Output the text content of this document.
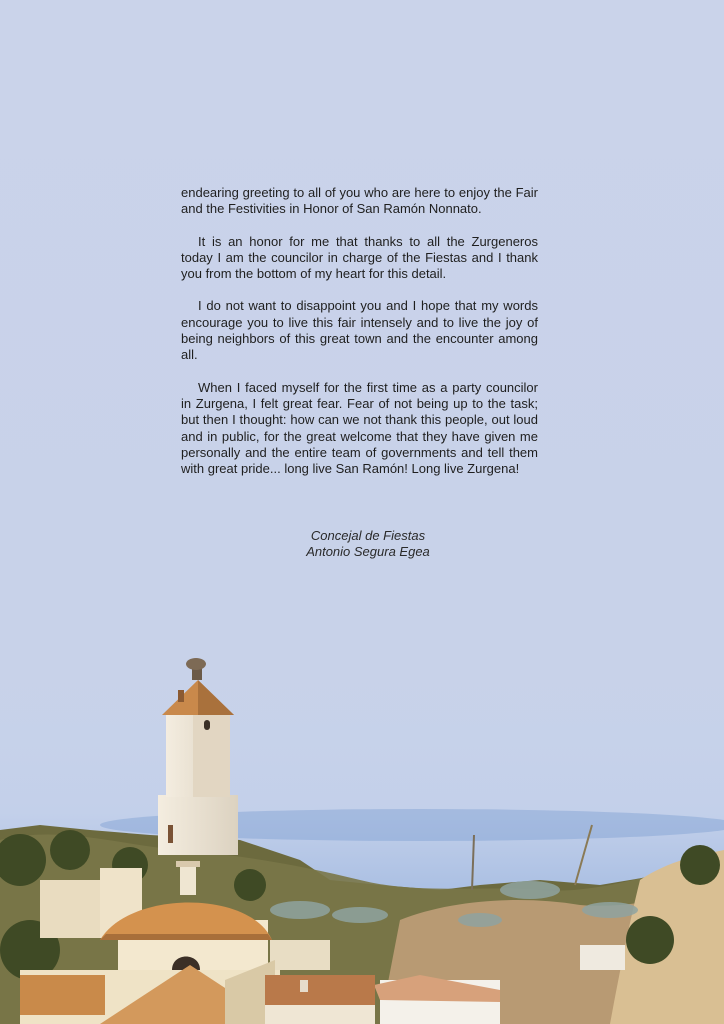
endearing greeting to all of you who are here to enjoy the Fair and the Festivities in Honor of San Ramón Nonnato.

It is an honor for me that thanks to all the Zurgeneros today I am the councilor in charge of the Fiestas and I thank you from the bottom of my heart for this detail.

I do not want to disappoint you and I hope that my words encourage you to live this fair intensely and to live the joy of being neighbors of this great town and the encounter among all.

When I faced myself for the first time as a party councilor in Zurgena, I felt great fear. Fear of not being up to the task; but then I thought: how can we not thank this people, out loud and in public, for the great welcome that they have given me personally and the entire team of governments and tell them with great pride... long live San Ramón! Long live Zurgena!

Concejal de Fiestas
Antonio Segura Egea
